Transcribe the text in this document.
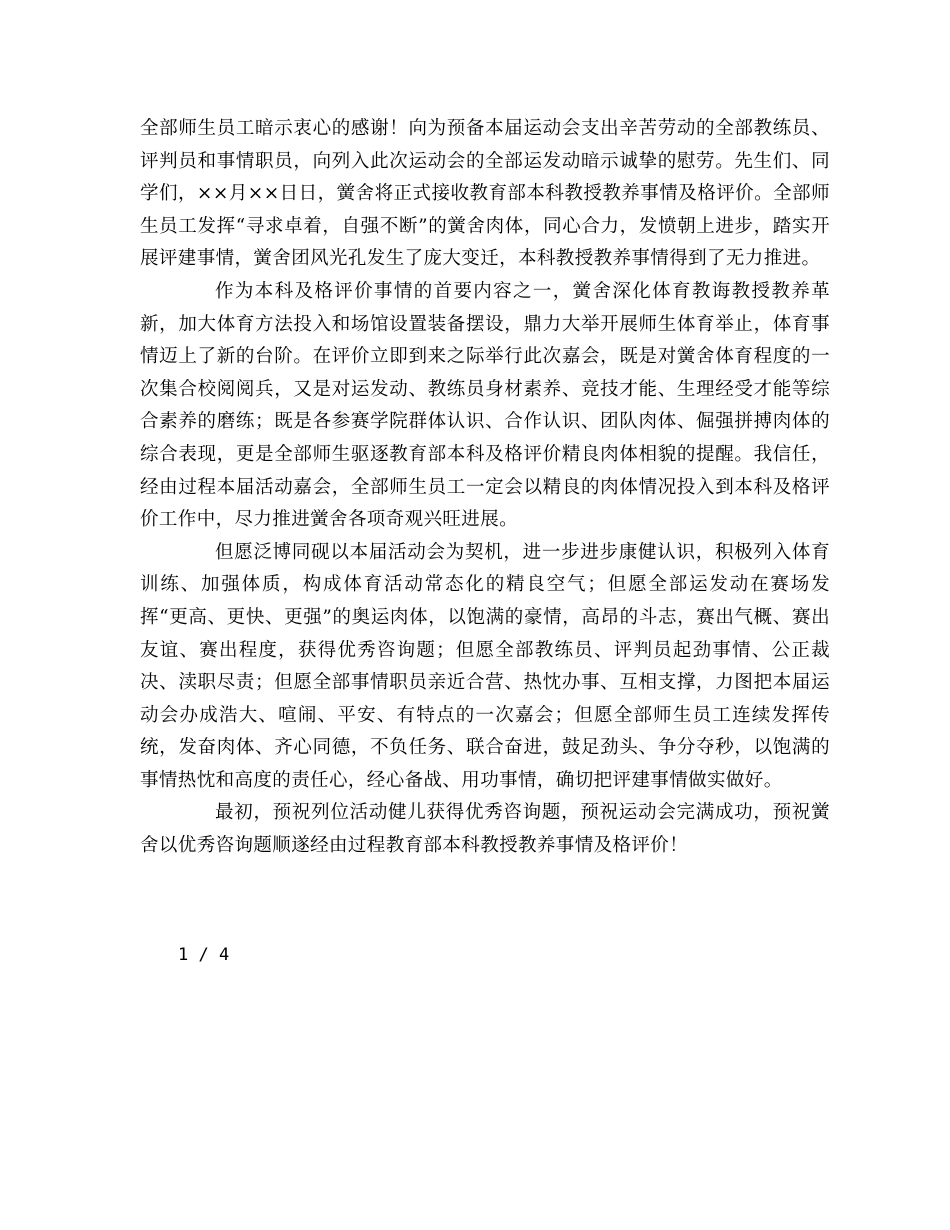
全部师生员工暗示衷心的感谢！向为预备本届运动会支出辛苦劳动的全部教练员、评判员和事情职员，向列入此次运动会的全部运发动暗示诚挚的慰劳。先生们、同学们，××月××日日，黉舍将正式接收教育部本科教授教养事情及格评价。全部师生员工发挥“寻求卓着，自强不断”的黉舍肉体，同心合力，发愤朝上进步，踏实开展评建事情，黉舍团风光孔发生了庞大变迁，本科教授教养事情得到了无力推进。

作为本科及格评价事情的首要内容之一，黉舍深化体育教诲教授教养革新，加大体育方法投入和场馆设置装备摆设，鼎力大举开展师生体育举止，体育事情迈上了新的台阶。在评价立即到来之际举行此次嘉会，既是对黉舍体育程度的一次集合校阅阅兵，又是对运发动、教练员身材素养、竞技才能、生理经受才能等综合素养的磨练；既是各参赛学院群体认识、合作认识、团队肉体、倔强拼搏肉体的综合表现，更是全部师生驱逐教育部本科及格评价精良肉体相貌的提醒。我信任，经由过程本届活动嘉会，全部师生员工一定会以精良的肉体情况投入到本科及格评价工作中，尽力推进黉舍各项奇观兴旺进展。

但愿泛博同砚以本届活动会为契机，进一步进步康健认识，积极列入体育训练、加强体质，构成体育活动常态化的精良空气；但愿全部运发动在赛场发挥“更高、更快、更强”的奥运肉体，以饱满的豪情，高昂的斗志，赛出气概、赛出友谊、赛出程度，获得优秀咨询题；但愿全部教练员、评判员起劲事情、公正裁决、渎职尽责；但愿全部事情职员亲近合营、热忱办事、互相支撑，力图把本届运动会办成浩大、喧闹、平安、有特点的一次嘉会；但愿全部师生员工连续发挥传统，发奋肉体、齐心同德，不负任务、联合奋进，鼓足劲头、争分夺秒，以饱满的事情热忱和高度的责任心，经心备战、用功事情，确切把评建事情做实做好。

最初，预祝列位活动健儿获得优秀咨询题，预祝运动会完满成功，预祝黉舍以优秀咨询题顺遂经由过程教育部本科教授教养事情及格评价！

1 / 4
